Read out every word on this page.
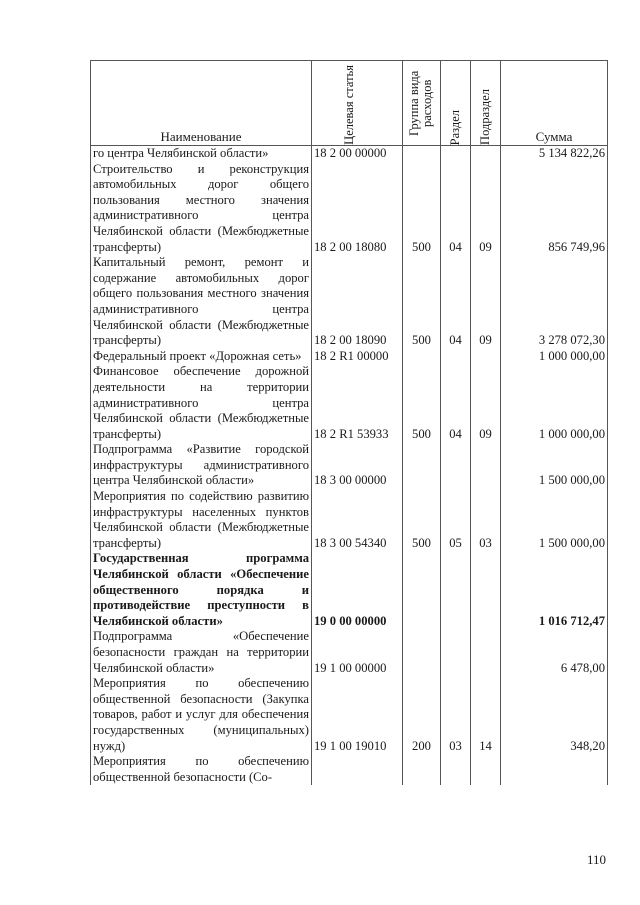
Наименование	Целевая статья	Группа вида расходов	Раздел	Подраздел	Сумма
го центра Челябинской области»	18 2 00 00000				5 134 822,26
Строительство и реконструкция автомобильных дорог общего пользования местного значения административного центра Челябинской области (Межбюджетные трансферты)	18 2 00 18080	500	04	09	856 749,96
Капитальный ремонт, ремонт и содержание автомобильных дорог общего пользования местного значения административного центра Челябинской области (Межбюджетные трансферты)	18 2 00 18090	500	04	09	3 278 072,30
Федеральный проект «Дорожная сеть»	18 2 R1 00000				1 000 000,00
Финансовое обеспечение дорожной деятельности на территории административного центра Челябинской области (Межбюджетные трансферты)	18 2 R1 53933	500	04	09	1 000 000,00
Подпрограмма «Развитие городской инфраструктуры административного центра Челябинской области»	18 3 00 00000				1 500 000,00
Мероприятия по содействию развитию инфраструктуры населенных пунктов Челябинской области (Межбюджетные трансферты)	18 3 00 54340	500	05	03	1 500 000,00
Государственная программа Челябинской области «Обеспечение общественного порядка и противодействие преступности в Челябинской области»	19 0 00 00000				1 016 712,47
Подпрограмма «Обеспечение безопасности граждан на территории Челябинской области»	19 1 00 00000				6 478,00
Мероприятия по обеспечению общественной безопасности (Закупка товаров, работ и услуг для обеспечения государственных (муниципальных) нужд)	19 1 00 19010	200	03	14	348,20
Мероприятия по обеспечению общественной безопасности (Со-					
110
